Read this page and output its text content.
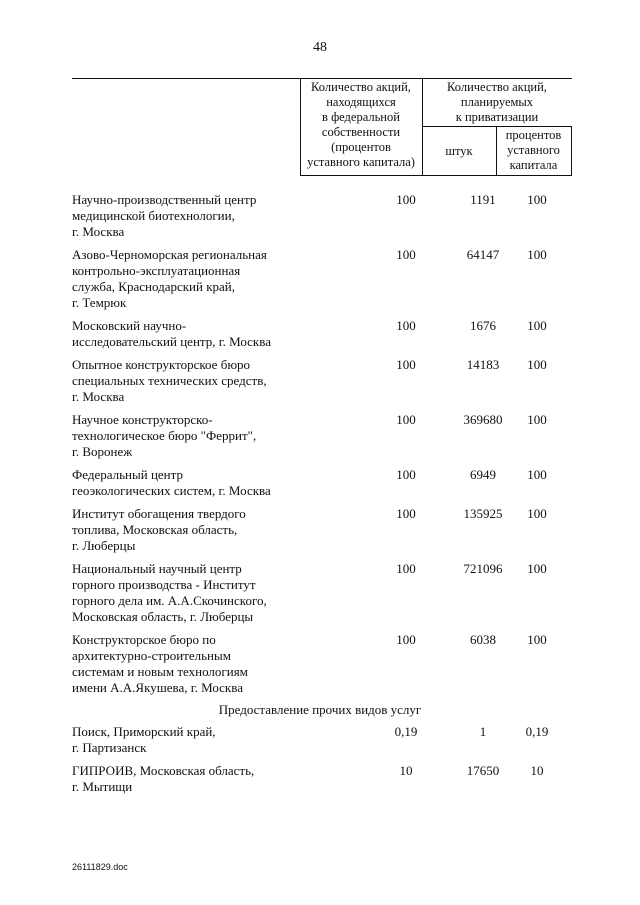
48
Количество акций,
находящихся
в федеральной
собственности
(процентов
уставного капитала)
Количество акций,
планируемых
к приватизации
штук
процентов
уставного
капитала
Научно-производственный центр
медицинской биотехнологии,
г. Москва
100	1191	100
Азово-Черноморская региональная
контрольно-эксплуатационная
служба, Краснодарский край,
г. Темрюк
100	64147	100
Московский научно-
исследовательский центр, г. Москва
100	1676	100
Опытное конструкторское бюро
специальных технических средств,
г. Москва
100	14183	100
Научное конструкторско-
технологическое бюро "Феррит",
г. Воронеж
100	369680	100
Федеральный центр
геоэкологических систем, г. Москва
100	6949	100
Институт обогащения твердого
топлива, Московская область,
г. Люберцы
100	135925	100
Национальный научный центр
горного производства - Институт
горного дела им. А.А.Скочинского,
Московская область, г. Люберцы
100	721096	100
Конструкторское бюро по
архитектурно-строительным
системам и новым технологиям
имени А.А.Якушева, г. Москва
100	6038	100
Предоставление прочих видов услуг
Поиск, Приморский край,
г. Партизанск
0,19	1	0,19
ГИПРОИВ, Московская область,
г. Мытищи
10	17650	10
26111829.doc
